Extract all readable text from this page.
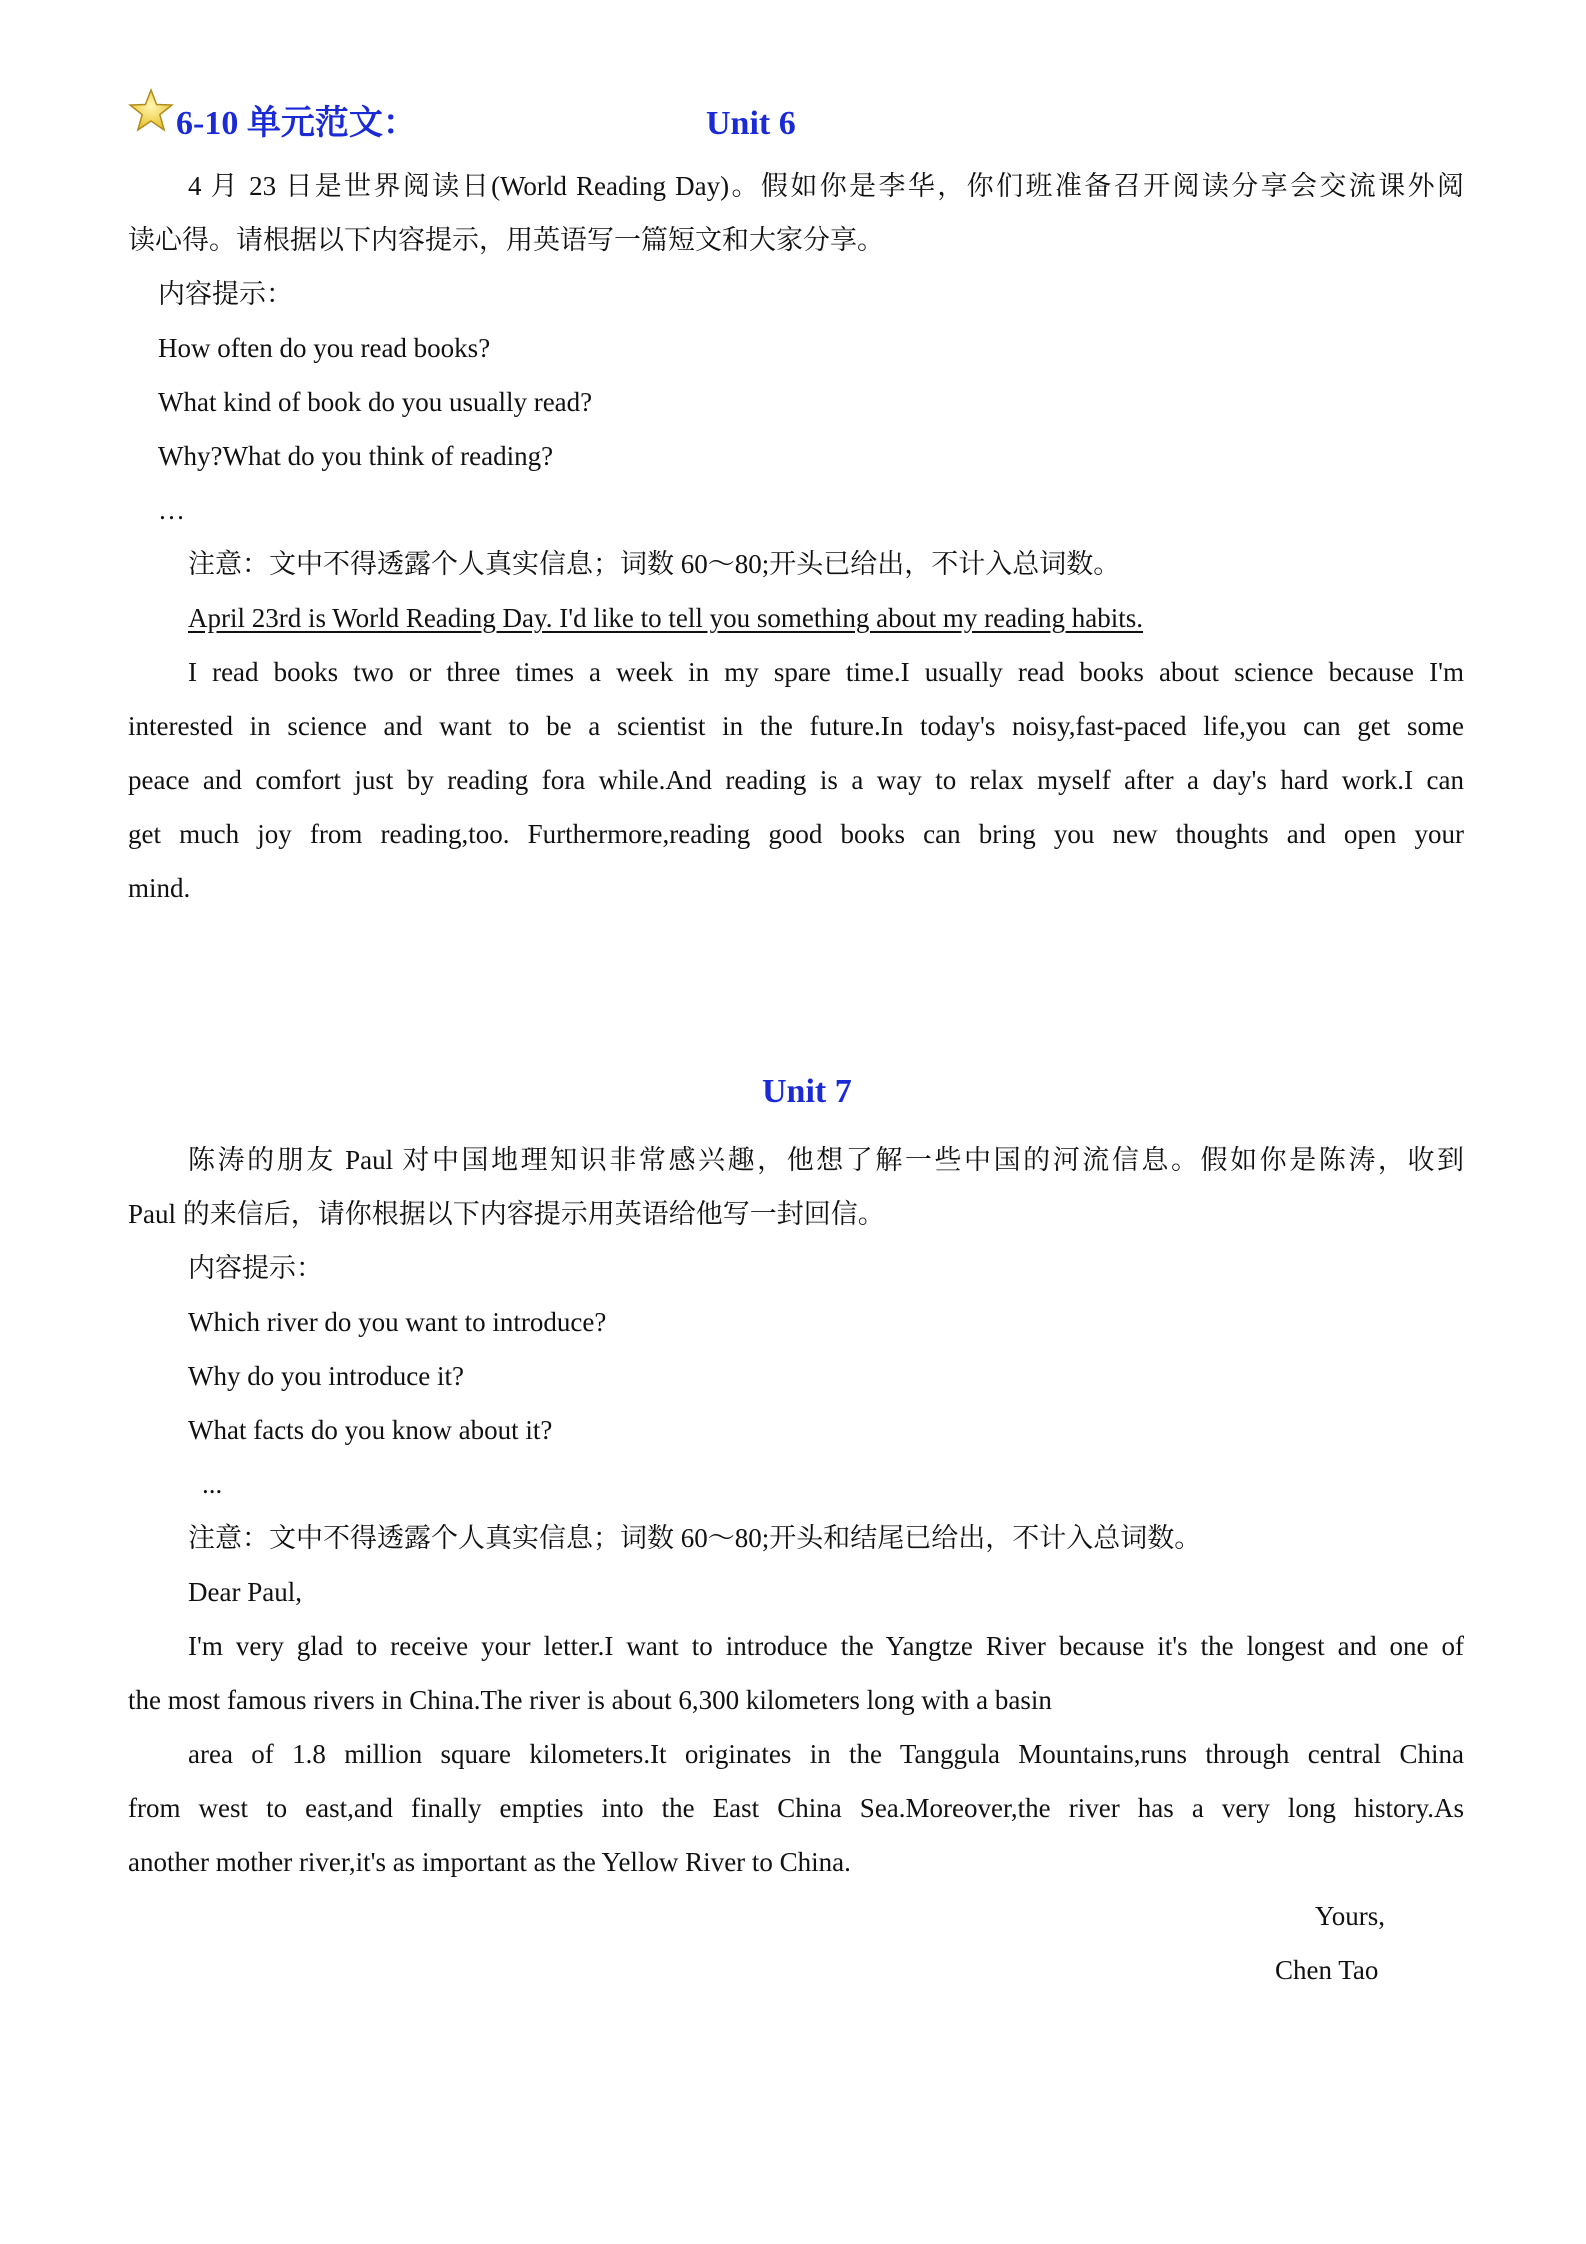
6-10 单元范文：	Unit 6
4 月 23 日是世界阅读日(World Reading Day)。假如你是李华，你们班准备召开阅读分享会交流课外阅
读心得。请根据以下内容提示，用英语写一篇短文和大家分享。
内容提示：
How often do you read books?
What kind of book do you usually read?
Why?What do you think of reading?
…
注意：文中不得透露个人真实信息；词数 60～80;开头已给出，不计入总词数。
April 23rd is World Reading Day. I'd like to tell you something about my reading habits.
I read books two or three times a week in my spare time.I usually read books about science because I'm
interested in science and want to be a scientist in the future.In today's noisy,fast-paced life,you can get some
peace and comfort just by reading fora while.And reading is a way to relax myself after a day's hard work.I can
get much joy from reading,too. Furthermore,reading good books can bring you new thoughts and open your
mind.
Unit 7
陈涛的朋友 Paul 对中国地理知识非常感兴趣，他想了解一些中国的河流信息。假如你是陈涛，收到
Paul 的来信后，请你根据以下内容提示用英语给他写一封回信。
内容提示：
Which river do you want to introduce?
Why do you introduce it?
What facts do you know about it?
...
注意：文中不得透露个人真实信息；词数 60～80;开头和结尾已给出，不计入总词数。
Dear Paul,
I'm very glad to receive your letter.I want to introduce the Yangtze River because it's the longest and one of
the most famous rivers in China.The river is about 6,300 kilometers long with a basin
area of 1.8 million square kilometers.It originates in the Tanggula Mountains,runs through central China
from west to east,and finally empties into the East China Sea.Moreover,the river has a very long history.As
another mother river,it's as important as the Yellow River to China.
Yours,
Chen Tao
